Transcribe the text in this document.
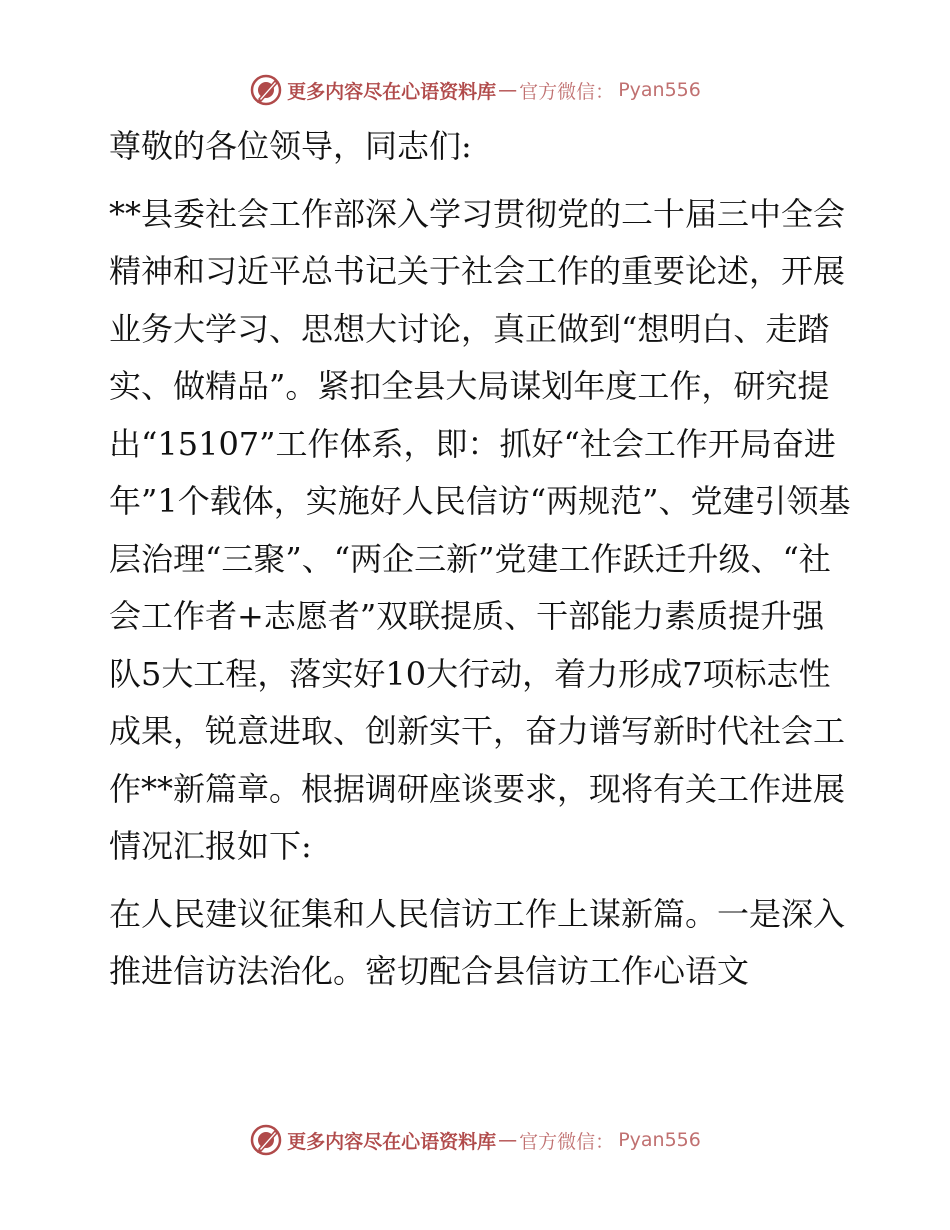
更多内容尽在心语资料库 — 官方微信： Pyan556

尊敬的各位领导，同志们:

**县委社会工作部深入学习贯彻党的二十届三中全会精神和习近平总书记关于社会工作的重要论述，开展业务大学习、思想大讨论，真正做到“想明白、走踏实、做精品”。紧扣全县大局谋划年度工作，研究提出“15107”工作体系，即：抓好“社会工作开局奋进年”1个载体，实施好人民信访“两规范”、党建引领基层治理“三聚”、“两企三新”党建工作跃迁升级、“社会工作者+志愿者”双联提质、干部能力素质提升强队5大工程，落实好10大行动，着力形成7项标志性成果，锐意进取、创新实干，奋力谱写新时代社会工作**新篇章。根据调研座谈要求，现将有关工作进展情况汇报如下:

在人民建议征集和人民信访工作上谋新篇。一是深入推进信访法治化。密切配合县信访工作心语文

更多内容尽在心语资料库 — 官方微信： Pyan556
